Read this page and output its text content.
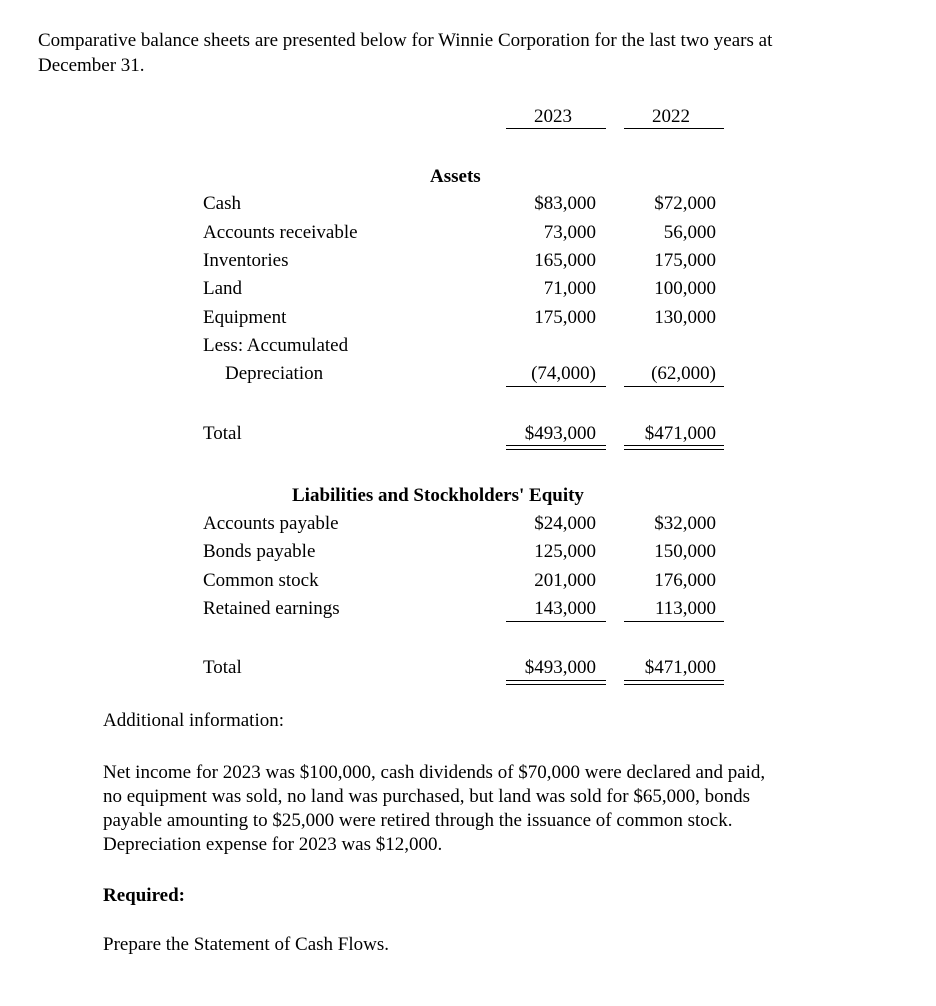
Comparative balance sheets are presented below for Winnie Corporation for the last two years at
December 31.
2023	2022
Assets
Cash	$83,000	$72,000
Accounts receivable	73,000	56,000
Inventories	165,000	175,000
Land	71,000	100,000
Equipment	175,000	130,000
Less: Accumulated
Depreciation	(74,000)	(62,000)
Total	$493,000	$471,000
Liabilities and Stockholders' Equity
Accounts payable	$24,000	$32,000
Bonds payable	125,000	150,000
Common stock	201,000	176,000
Retained earnings	143,000	113,000
Total	$493,000	$471,000
Additional information:
Net income for 2023 was $100,000, cash dividends of $70,000 were declared and paid,
no equipment was sold, no land was purchased, but land was sold for $65,000, bonds
payable amounting to $25,000 were retired through the issuance of common stock.
Depreciation expense for 2023 was $12,000.
Required:
Prepare the Statement of Cash Flows.
